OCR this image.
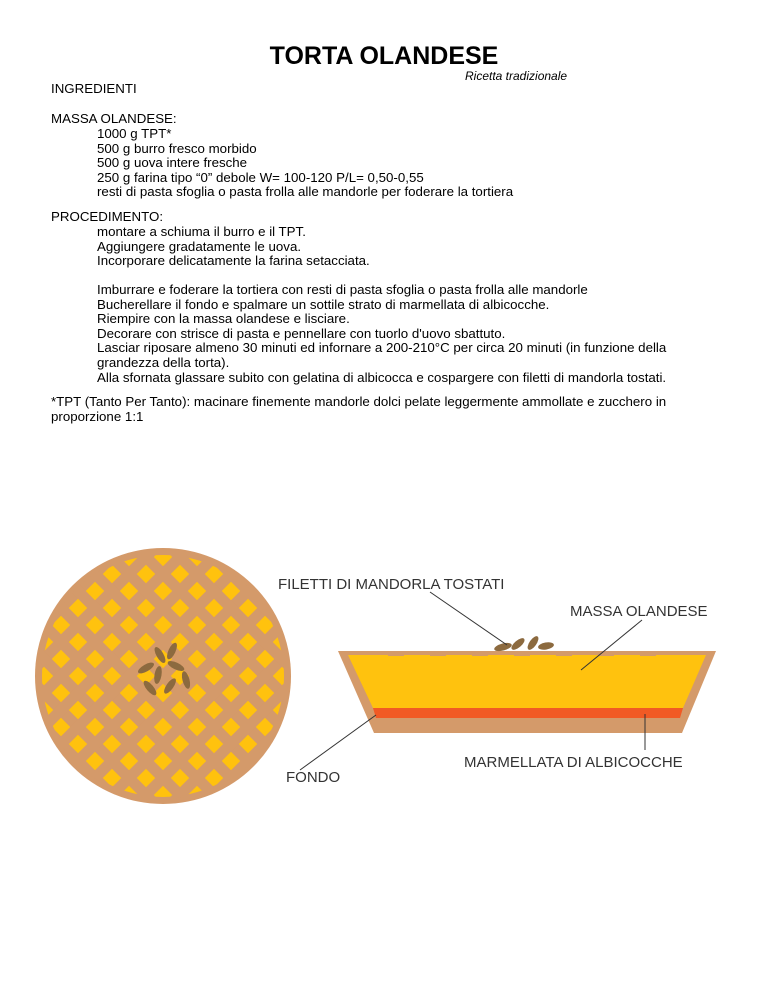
TORTA OLANDESE
Ricetta tradizionale
INGREDIENTI
MASSA OLANDESE:
1000 g TPT*
500 g burro fresco morbido
500 g uova intere fresche
250 g farina tipo “0” debole W= 100-120 P/L= 0,50-0,55
resti di pasta sfoglia o pasta frolla alle mandorle per foderare la tortiera
PROCEDIMENTO:
montare a schiuma il burro e il TPT.
Aggiungere gradatamente le uova.
Incorporare delicatamente la farina setacciata.
Imburrare e foderare la tortiera con resti di pasta sfoglia o pasta frolla alle mandorle
Bucherellare il fondo e spalmare un sottile strato di marmellata di albicocche.
Riempire con la massa olandese e lisciare.
Decorare con strisce di pasta e pennellare con tuorlo d'uovo sbattuto.
Lasciar riposare almeno 30 minuti ed infornare a 200-210°C per circa 20 minuti (in funzione della grandezza della torta).
Alla sfornata glassare subito con gelatina di albicocca e cospargere con filetti di mandorla tostati.
*TPT (Tanto Per Tanto): macinare finemente mandorle dolci pelate leggermente ammollate e zucchero in proporzione 1:1
FILETTI DI MANDORLA TOSTATI
MASSA OLANDESE
MARMELLATA DI ALBICOCCHE
FONDO
